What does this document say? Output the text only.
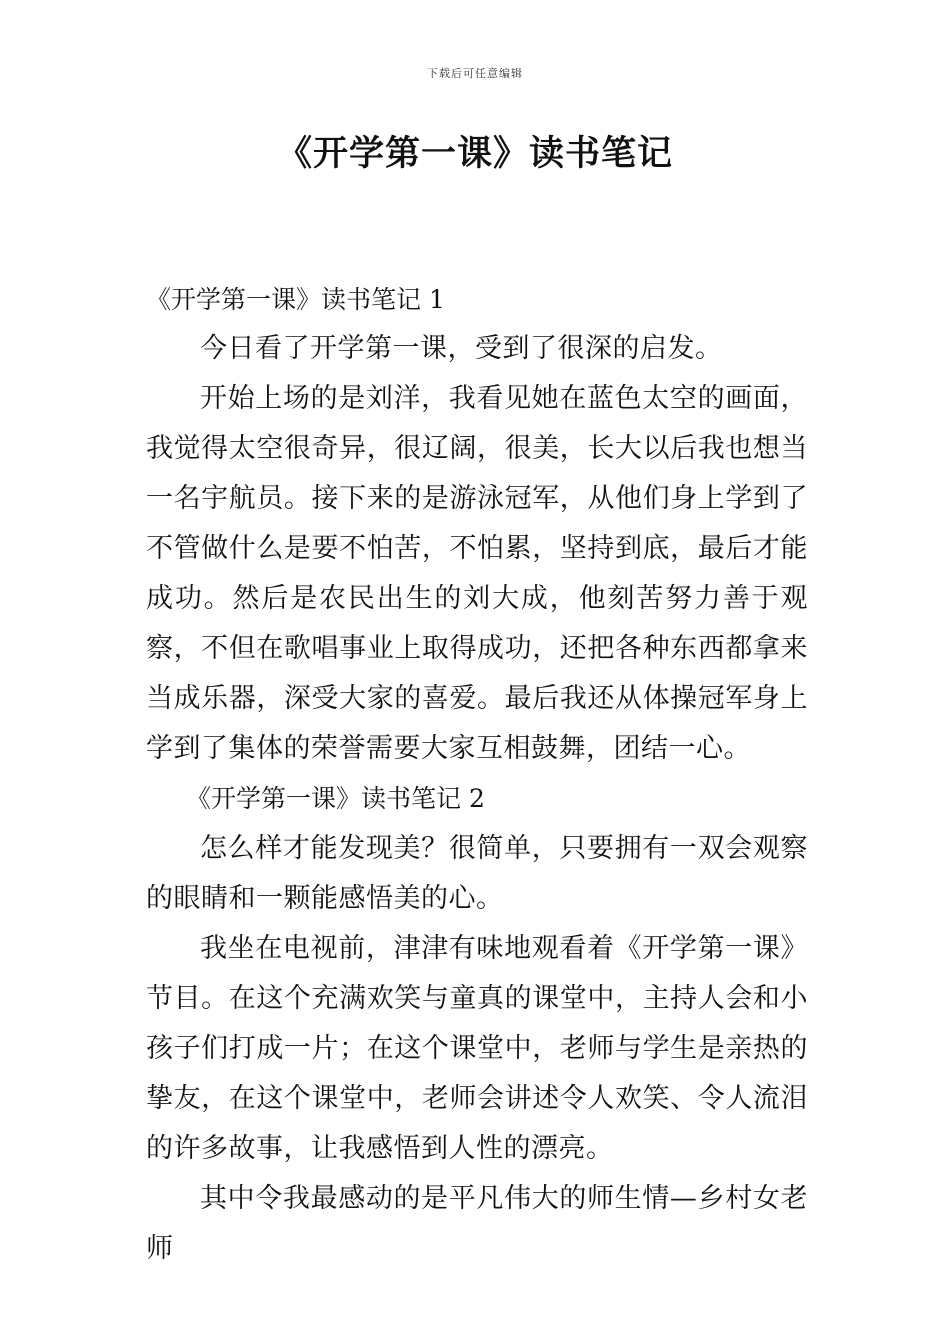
下载后可任意编辑
《开学第一课》读书笔记

《开学第一课》读书笔记 1

今日看了开学第一课，受到了很深的启发。

开始上场的是刘洋，我看见她在蓝色太空的画面，我觉得太空很奇异，很辽阔，很美，长大以后我也想当一名宇航员。接下来的是游泳冠军，从他们身上学到了不管做什么是要不怕苦，不怕累，坚持到底，最后才能成功。然后是农民出生的刘大成，他刻苦努力善于观察，不但在歌唱事业上取得成功，还把各种东西都拿来当成乐器，深受大家的喜爱。最后我还从体操冠军身上学到了集体的荣誉需要大家互相鼓舞，团结一心。

《开学第一课》读书笔记 2

怎么样才能发现美？很简单，只要拥有一双会观察的眼睛和一颗能感悟美的心。

我坐在电视前，津津有味地观看着《开学第一课》节目。在这个充满欢笑与童真的课堂中，主持人会和小孩子们打成一片；在这个课堂中，老师与学生是亲热的挚友，在这个课堂中，老师会讲述令人欢笑、令人流泪的许多故事，让我感悟到人性的漂亮。

其中令我最感动的是平凡伟大的师生情—乡村女老师
